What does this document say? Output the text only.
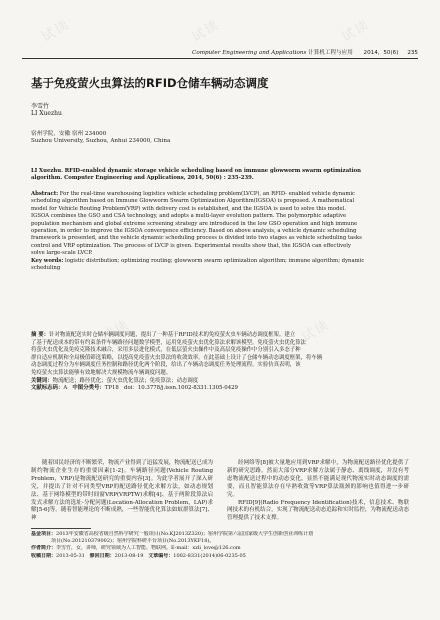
试读	试读	试读
试读	试读
Computer Engineering and Applications 计算机工程与应用 2014，50(6) 235
基于免疫萤火虫算法的RFID仓储车辆动态调度
李雪竹
LI Xuezhu
宿州学院，安徽 宿州 234000
Suzhou University, Suzhou, Anhui 234000, China
LI Xuezhu. RFID-enabled dynamic storage vehicle scheduling based on immune glowworm swarm optimization
algorithm. Computer Engineering and Applications, 2014, 50(6) : 235-239.
Abstract: For the real-time warehousing logistics vehicle scheduling problem(LVCP), an RFID- enabled vehicle dynamic
scheduling algorithm based on Immune Glowworm Swarm Optimization Algorithm(IGSOA) is proposed. A mathematical
model for Vehicle Routing Problem(VRP) with delivery cost is established, and the IGSOA is used to solve this model.
IGSOA combines the GSO and CSA technology, and adopts a multi-layer evolution pattern. The polymorphic adaptive
population mechanism and global extreme screening strategy are introduced in the low GSO operation and high immune
operation, in order to improve the IGSOA convergence efficiency. Based on above analysis, a vehicle dynamic scheduling
framework is presented, and the vehicle dynamic scheduling process is divided into two stages as vehicle scheduling tasks
control and VRP optimization. The process of LVCP is given. Experimental results show that, the IGSOA can effectively
solve large-scale LVCP.
Key words: logistic distribution; optimizing routing; glowworm swarm optimization algorithm; immune algorithm; dynamic
scheduling
摘 要：针对物流配送实时仓储车辆调度问题，提出了一种基于RFID技术的免疫萤火虫车辆动态调度框架。建立
了基于配送成本的带有约束条件车辆路径问题数学模型，运用免疫萤火虫优化算法求解该模型。免疫萤火虫优化算法
将萤火虫优化及免疫克隆技术融合，采用多层进化模式，在低层萤火虫操作中及高层免疫操作中分别引入多态子种
群自适应机制和全局极值筛选策略，以提高免疫萤火虫算法的收敛效率。在此基础上设计了仓储车辆动态调度框架，将车辆
动态调度过程分为车辆调度任务控制和路径优化两个阶段，给出了车辆动态调度任务处理流程。实验仿真表明，该
免疫萤火虫算法能够有效地解决大规模物流车辆调度问题。
关键词：物流配送；路径优化；萤火虫优化算法；免疫算法；动态调度
文献标志码：A 中图分类号：TP18 doi：10.3778/j.issn.1002-8331.1305-0429
随着国民经济的不断繁荣，物流产业得到了迅猛发展，物流配送已成为制约物流企业生存的重要因素[1-2]。车辆路径问题(Vehicle Routing Problem，VRP)是物流配送研究的重要内容[3]。为此学者展开了深入研究，并提出了针对不同类型VRP的配送路径优化求解方法，如动态规划法、基于网络模型的带时间窗VRP(VRPTW)求解[4]、基于两阶段算法启发式求解方法的选址-分配问题(Location-Allocation Problem，LAP)求解[5-6]等。随着智能理论的不断成熟，一些智能优化算法如蚁群算法[7]、神
经网络等[8]被大量地应用到VRP求解中，为物流配送路径优化提供了新的研究思路。然而大部分VRP求解方法属于静态、离线调度，并没有考虑物流配送过程中的动态变化，显然不能满足现代物流实时动态调度的需要，而且智能算法存在早熟收敛等VRP算法瓶颈的影响也值得进一步研究。
RFID[9](Radio Frequency Identification)技术，信息技术、物联网技术的有机结合，实现了物流配送动态追踪和实时监控，为物流配送动态管理提供了技术支撑。
基金项目：2013年安徽省高校省级自然科学研究一般项目(No.KJ2013Z320)；宿州学院第六届国家级大学生创新创业训练计划
项目(No.201210379002)；宿州学院科研平台项目(No.2013YKF18)。
作者简介：李雪竹，女，讲师，研究领域为人工智能、物联网。E-mail：xzli_love@126.com
收稿日期：2013-05-31 修回日期：2013-08-19 文章编号：1002-8331(2014)06-0235-05
